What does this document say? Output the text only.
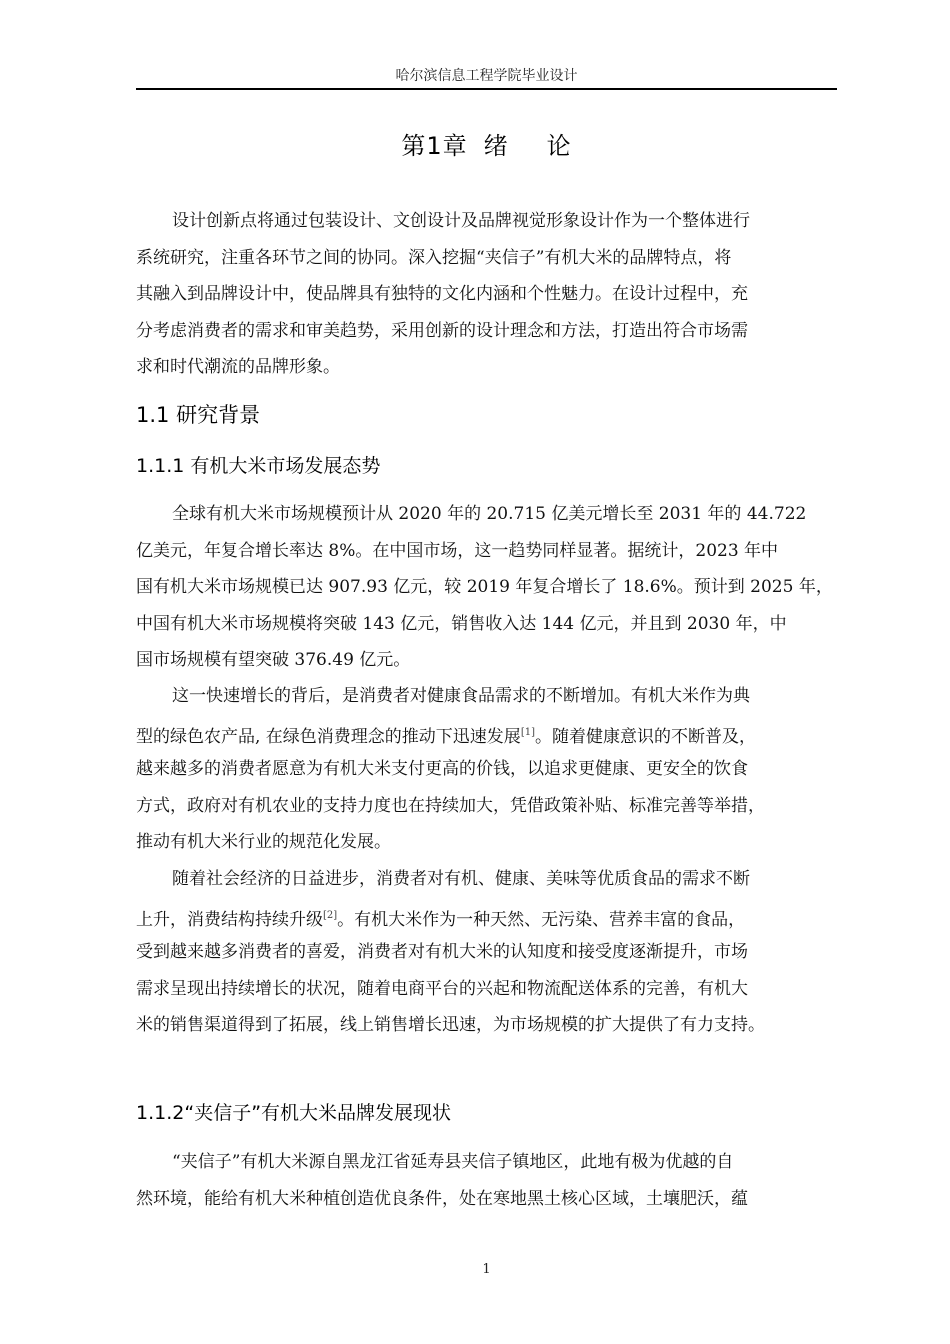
哈尔滨信息工程学院毕业设计
第1章 绪 论
设计创新点将通过包装设计、文创设计及品牌视觉形象设计作为一个整体进行
系统研究，注重各环节之间的协同。深入挖掘“夹信子”有机大米的品牌特点，将
其融入到品牌设计中，使品牌具有独特的文化内涵和个性魅力。在设计过程中，充
分考虑消费者的需求和审美趋势，采用创新的设计理念和方法，打造出符合市场需
求和时代潮流的品牌形象。
1.1 研究背景
1.1.1 有机大米市场发展态势
全球有机大米市场规模预计从 2020 年的 20.715 亿美元增长至 2031 年的 44.722
亿美元，年复合增长率达 8%。在中国市场，这一趋势同样显著。据统计，2023 年中
国有机大米市场规模已达 907.93 亿元，较 2019 年复合增长了 18.6%。预计到 2025 年，
中国有机大米市场规模将突破 143 亿元，销售收入达 144 亿元，并且到 2030 年，中
国市场规模有望突破 376.49 亿元。
这一快速增长的背后，是消费者对健康食品需求的不断增加。有机大米作为典
型的绿色农产品, 在绿色消费理念的推动下迅速发展[1]。随着健康意识的不断普及，
越来越多的消费者愿意为有机大米支付更高的价钱，以追求更健康、更安全的饮食
方式，政府对有机农业的支持力度也在持续加大，凭借政策补贴、标准完善等举措，
推动有机大米行业的规范化发展。
随着社会经济的日益进步，消费者对有机、健康、美味等优质食品的需求不断
上升，消费结构持续升级[2]。有机大米作为一种天然、无污染、营养丰富的食品，
受到越来越多消费者的喜爱，消费者对有机大米的认知度和接受度逐渐提升，市场
需求呈现出持续增长的状况，随着电商平台的兴起和物流配送体系的完善，有机大
米的销售渠道得到了拓展，线上销售增长迅速，为市场规模的扩大提供了有力支持。
1.1.2“夹信子”有机大米品牌发展现状
“夹信子”有机大米源自黑龙江省延寿县夹信子镇地区，此地有极为优越的自
然环境，能给有机大米种植创造优良条件，处在寒地黑土核心区域，土壤肥沃，蕴
1
